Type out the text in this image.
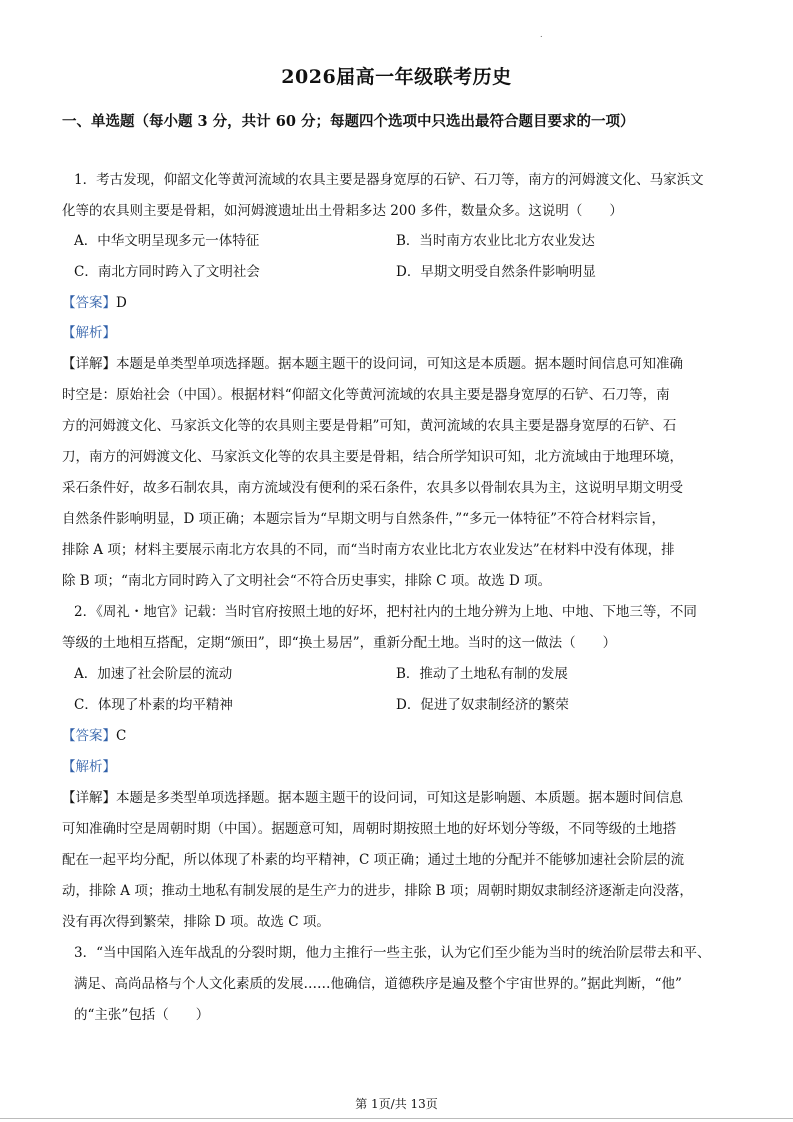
.
2026届高一年级联考历史
一、单选题（每小题 3 分，共计 60 分；每题四个选项中只选出最符合题目要求的一项）
1．考古发现，仰韶文化等黄河流域的农具主要是器身宽厚的石铲、石刀等，南方的河姆渡文化、马家浜文
化等的农具则主要是骨耜，如河姆渡遗址出土骨耜多达 200 多件，数量众多。这说明（　　）
A．中华文明呈现多元一体特征	B．当时南方农业比北方农业发达
C．南北方同时跨入了文明社会	D．早期文明受自然条件影响明显
【答案】D
【解析】
【详解】本题是单类型单项选择题。据本题主题干的设问词，可知这是本质题。据本题时间信息可知准确
时空是：原始社会（中国）。根据材料“仰韶文化等黄河流域的农具主要是器身宽厚的石铲、石刀等，南
方的河姆渡文化、马家浜文化等的农具则主要是骨耜”可知，黄河流域的农具主要是器身宽厚的石铲、石
刀，南方的河姆渡文化、马家浜文化等的农具主要是骨耜，结合所学知识可知，北方流域由于地理环境，
采石条件好，故多石制农具，南方流域没有便利的采石条件，农具多以骨制农具为主，这说明早期文明受
自然条件影响明显，D 项正确；本题宗旨为“早期文明与自然条件，”“多元一体特征”不符合材料宗旨，
排除 A 项；材料主要展示南北方农具的不同，而“当时南方农业比北方农业发达”在材料中没有体现，排
除 B 项；“南北方同时跨入了文明社会“不符合历史事实，排除 C 项。故选 D 项。
2．《周礼・地官》记载：当时官府按照土地的好坏，把村社内的土地分辨为上地、中地、下地三等，不同
等级的土地相互搭配，定期“颁田”，即“换土易居”，重新分配土地。当时的这一做法（　　）
A．加速了社会阶层的流动	B．推动了土地私有制的发展
C．体现了朴素的均平精神	D．促进了奴隶制经济的繁荣
【答案】C
【解析】
【详解】本题是多类型单项选择题。据本题主题干的设问词，可知这是影响题、本质题。据本题时间信息
可知准确时空是周朝时期（中国）。据题意可知，周朝时期按照土地的好坏划分等级，不同等级的土地搭
配在一起平均分配，所以体现了朴素的均平精神，C 项正确；通过土地的分配并不能够加速社会阶层的流
动，排除 A 项；推动土地私有制发展的是生产力的进步，排除 B 项；周朝时期奴隶制经济逐渐走向没落，
没有再次得到繁荣，排除 D 项。故选 C 项。
3．“当中国陷入连年战乱的分裂时期，他力主推行一些主张，认为它们至少能为当时的统治阶层带去和平、
满足、高尚品格与个人文化素质的发展……他确信，道德秩序是遍及整个宇宙世界的。”据此判断，“他”
的“主张”包括（　　）
第 1页/共 13页
